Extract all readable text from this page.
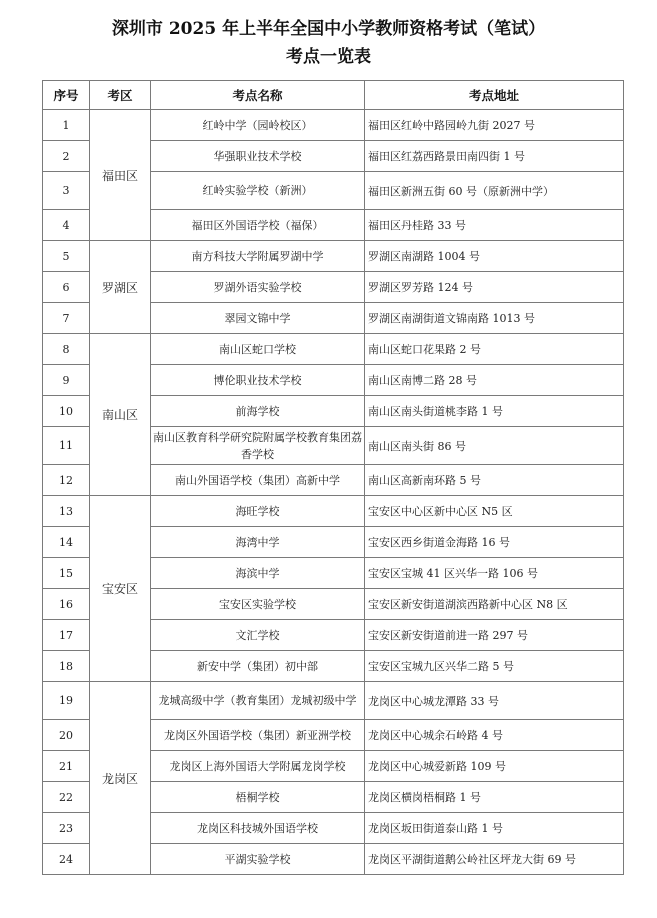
深圳市 2025 年上半年全国中小学教师资格考试（笔试）
考点一览表
序号	考区	考点名称	考点地址
1	福田区	红岭中学（园岭校区）	福田区红岭中路园岭九街 2027 号
2		华强职业技术学校	福田区红荔西路景田南四街 1 号
3		红岭实验学校（新洲）	福田区新洲五街 60 号（原新洲中学）
4		福田区外国语学校（福保）	福田区丹桂路 33 号
5	罗湖区	南方科技大学附属罗湖中学	罗湖区南湖路 1004 号
6		罗湖外语实验学校	罗湖区罗芳路 124 号
7		翠园文锦中学	罗湖区南湖街道文锦南路 1013 号
8	南山区	南山区蛇口学校	南山区蛇口花果路 2 号
9		博伦职业技术学校	南山区南博二路 28 号
10		前海学校	南山区南头街道桃李路 1 号
11		南山区教育科学研究院附属学校教育集团荔香学校	南山区南头街 86 号
12		南山外国语学校（集团）高新中学	南山区高新南环路 5 号
13	宝安区	海旺学校	宝安区中心区新中心区 N5 区
14		海湾中学	宝安区西乡街道金海路 16 号
15		海滨中学	宝安区宝城 41 区兴华一路 106 号
16		宝安区实验学校	宝安区新安街道湖滨西路新中心区 N8 区
17		文汇学校	宝安区新安街道前进一路 297 号
18		新安中学（集团）初中部	宝安区宝城九区兴华二路 5 号
19	龙岗区	龙城高级中学（教育集团）龙城初级中学	龙岗区中心城龙潭路 33 号
20		龙岗区外国语学校（集团）新亚洲学校	龙岗区中心城余石岭路 4 号
21		龙岗区上海外国语大学附属龙岗学校	龙岗区中心城爱新路 109 号
22		梧桐学校	龙岗区横岗梧桐路 1 号
23		龙岗区科技城外国语学校	龙岗区坂田街道泰山路 1 号
24		平湖实验学校	龙岗区平湖街道鹅公岭社区坪龙大街 69 号
